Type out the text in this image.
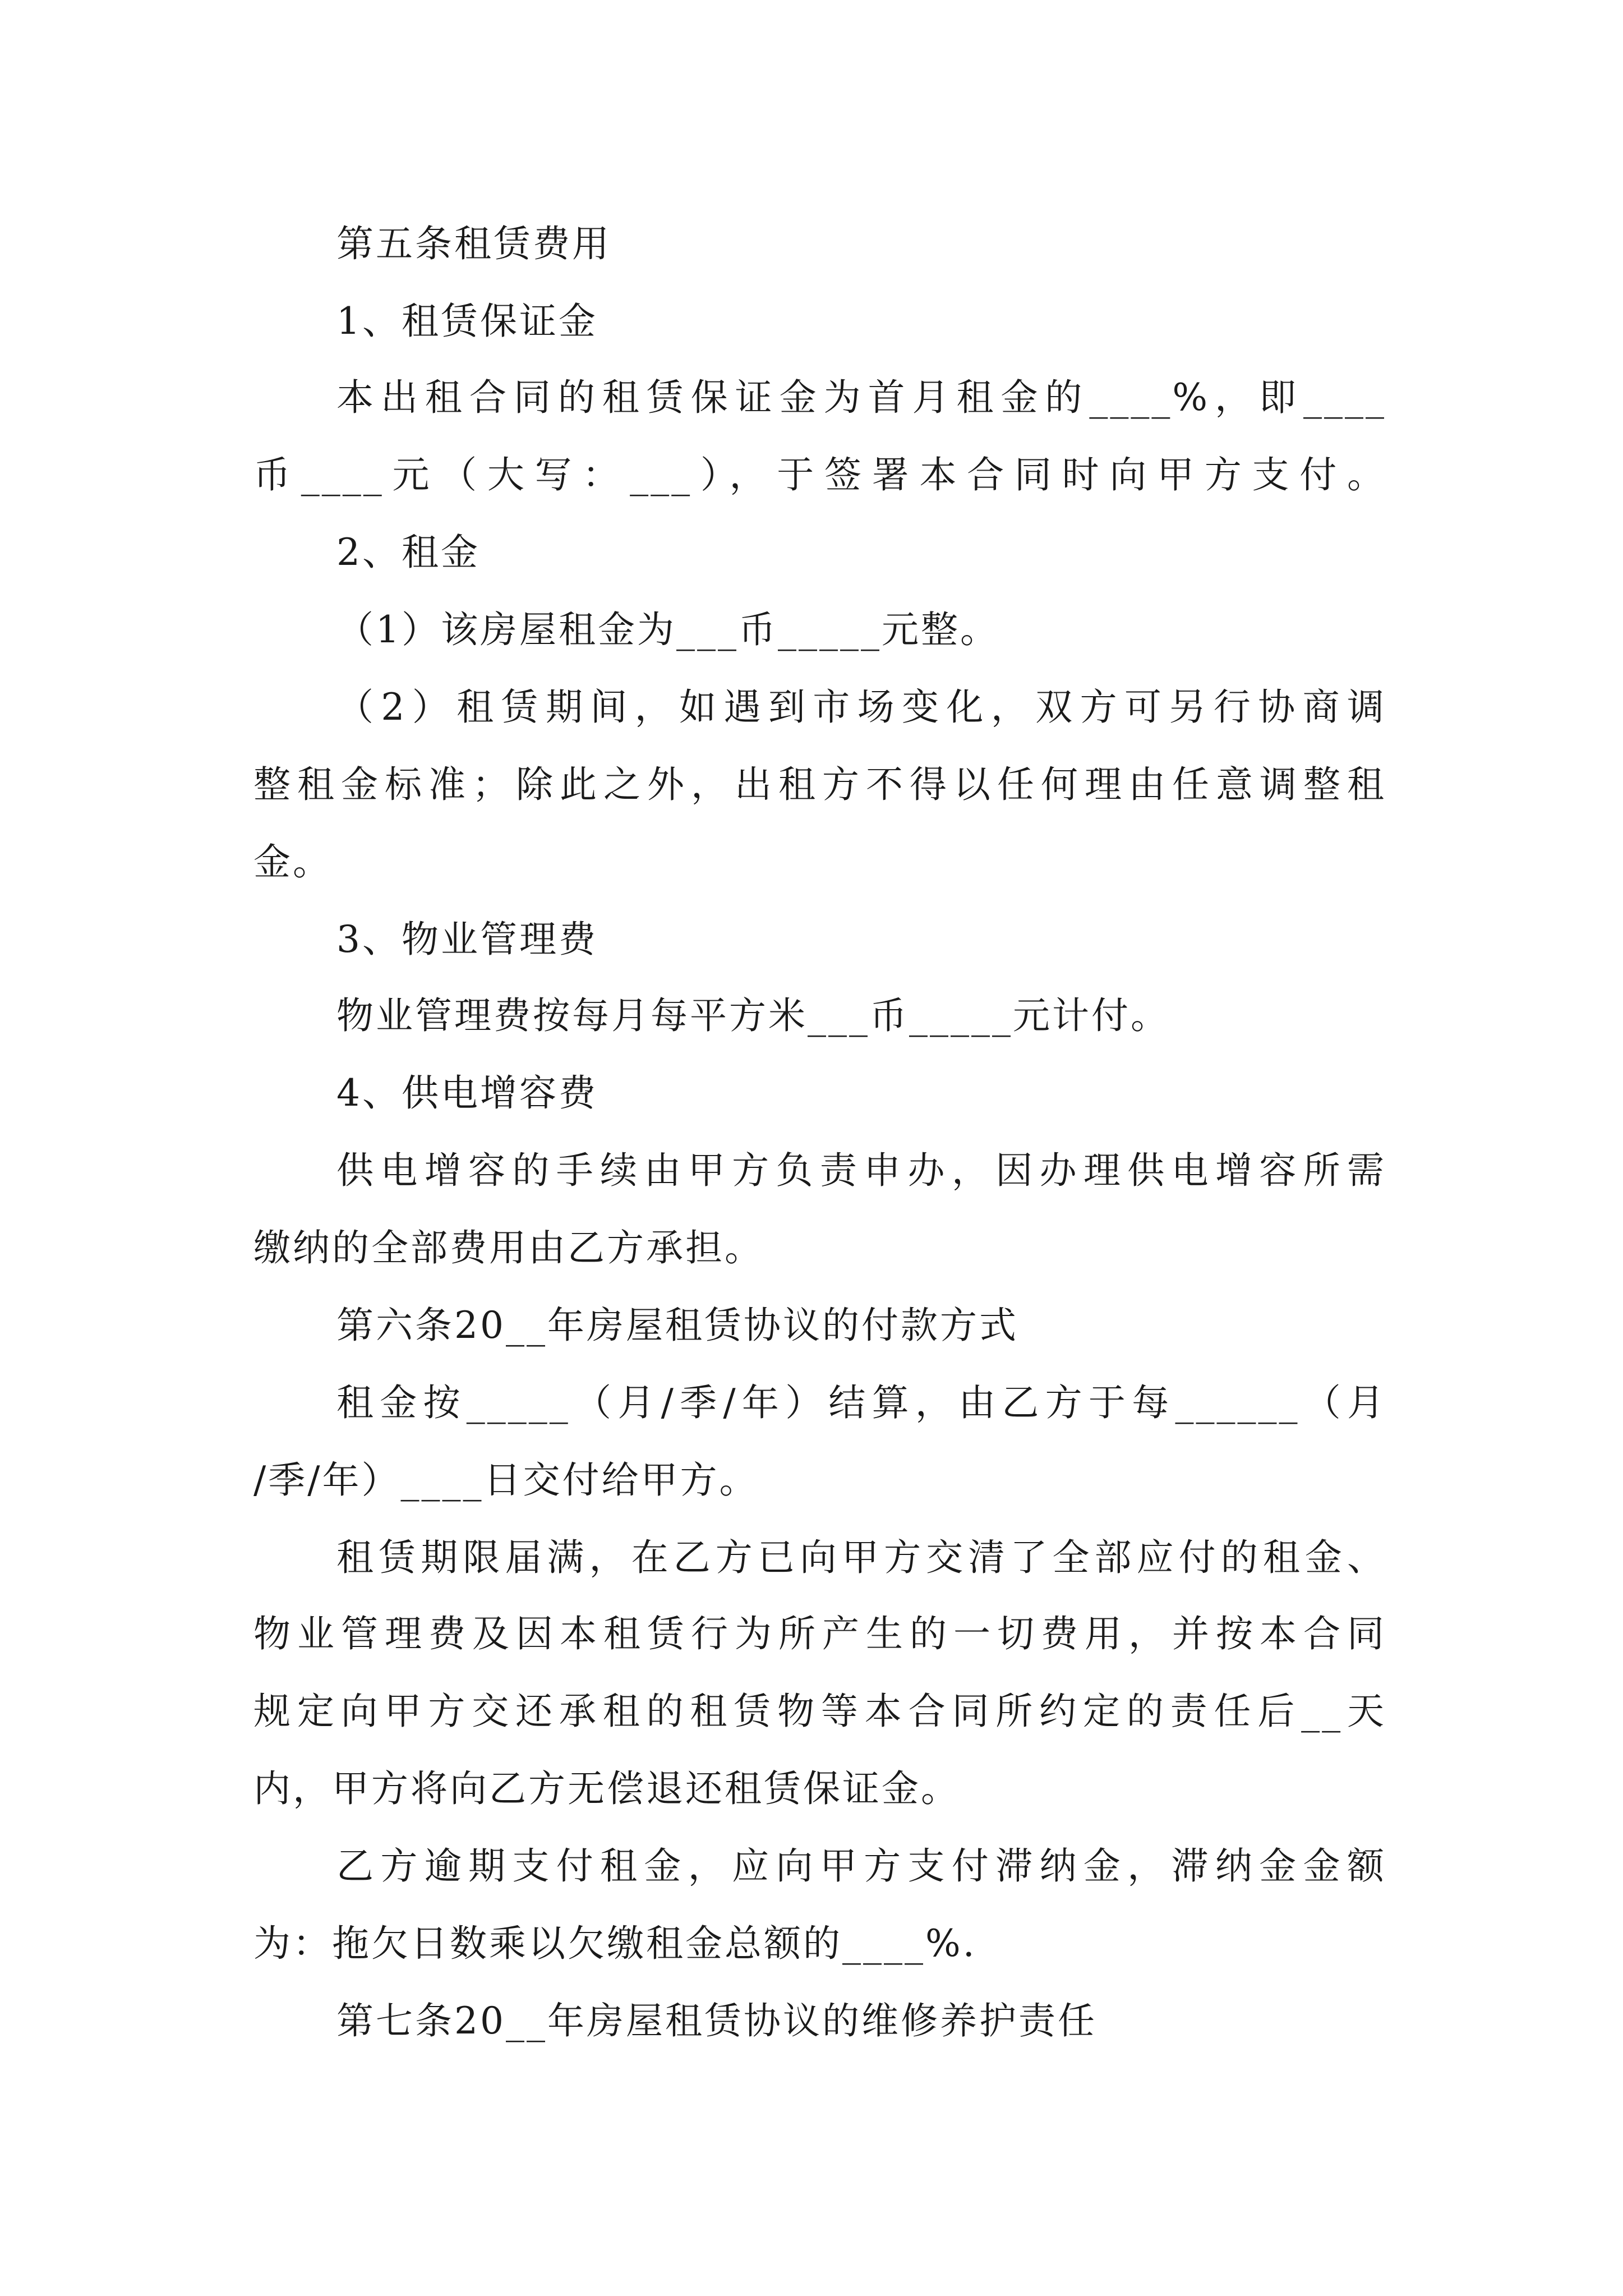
第五条租赁费用
1、租赁保证金
本出租合同的租赁保证金为首月租金的____%，即____
币____元（大写：___），于签署本合同时向甲方支付。
2、租金
（1）该房屋租金为___币_____元整。
（2）租赁期间，如遇到市场变化，双方可另行协商调
整租金标准；除此之外，出租方不得以任何理由任意调整租
金。
3、物业管理费
物业管理费按每月每平方米___币_____元计付。
4、供电增容费
供电增容的手续由甲方负责申办，因办理供电增容所需
缴纳的全部费用由乙方承担。
第六条20__年房屋租赁协议的付款方式
租金按_____（月/季/年）结算，由乙方于每______（月
/季/年）____日交付给甲方。
租赁期限届满，在乙方已向甲方交清了全部应付的租金、
物业管理费及因本租赁行为所产生的一切费用，并按本合同
规定向甲方交还承租的租赁物等本合同所约定的责任后__天
内，甲方将向乙方无偿退还租赁保证金。
乙方逾期支付租金，应向甲方支付滞纳金，滞纳金金额
为：拖欠日数乘以欠缴租金总额的____%.
第七条20__年房屋租赁协议的维修养护责任
